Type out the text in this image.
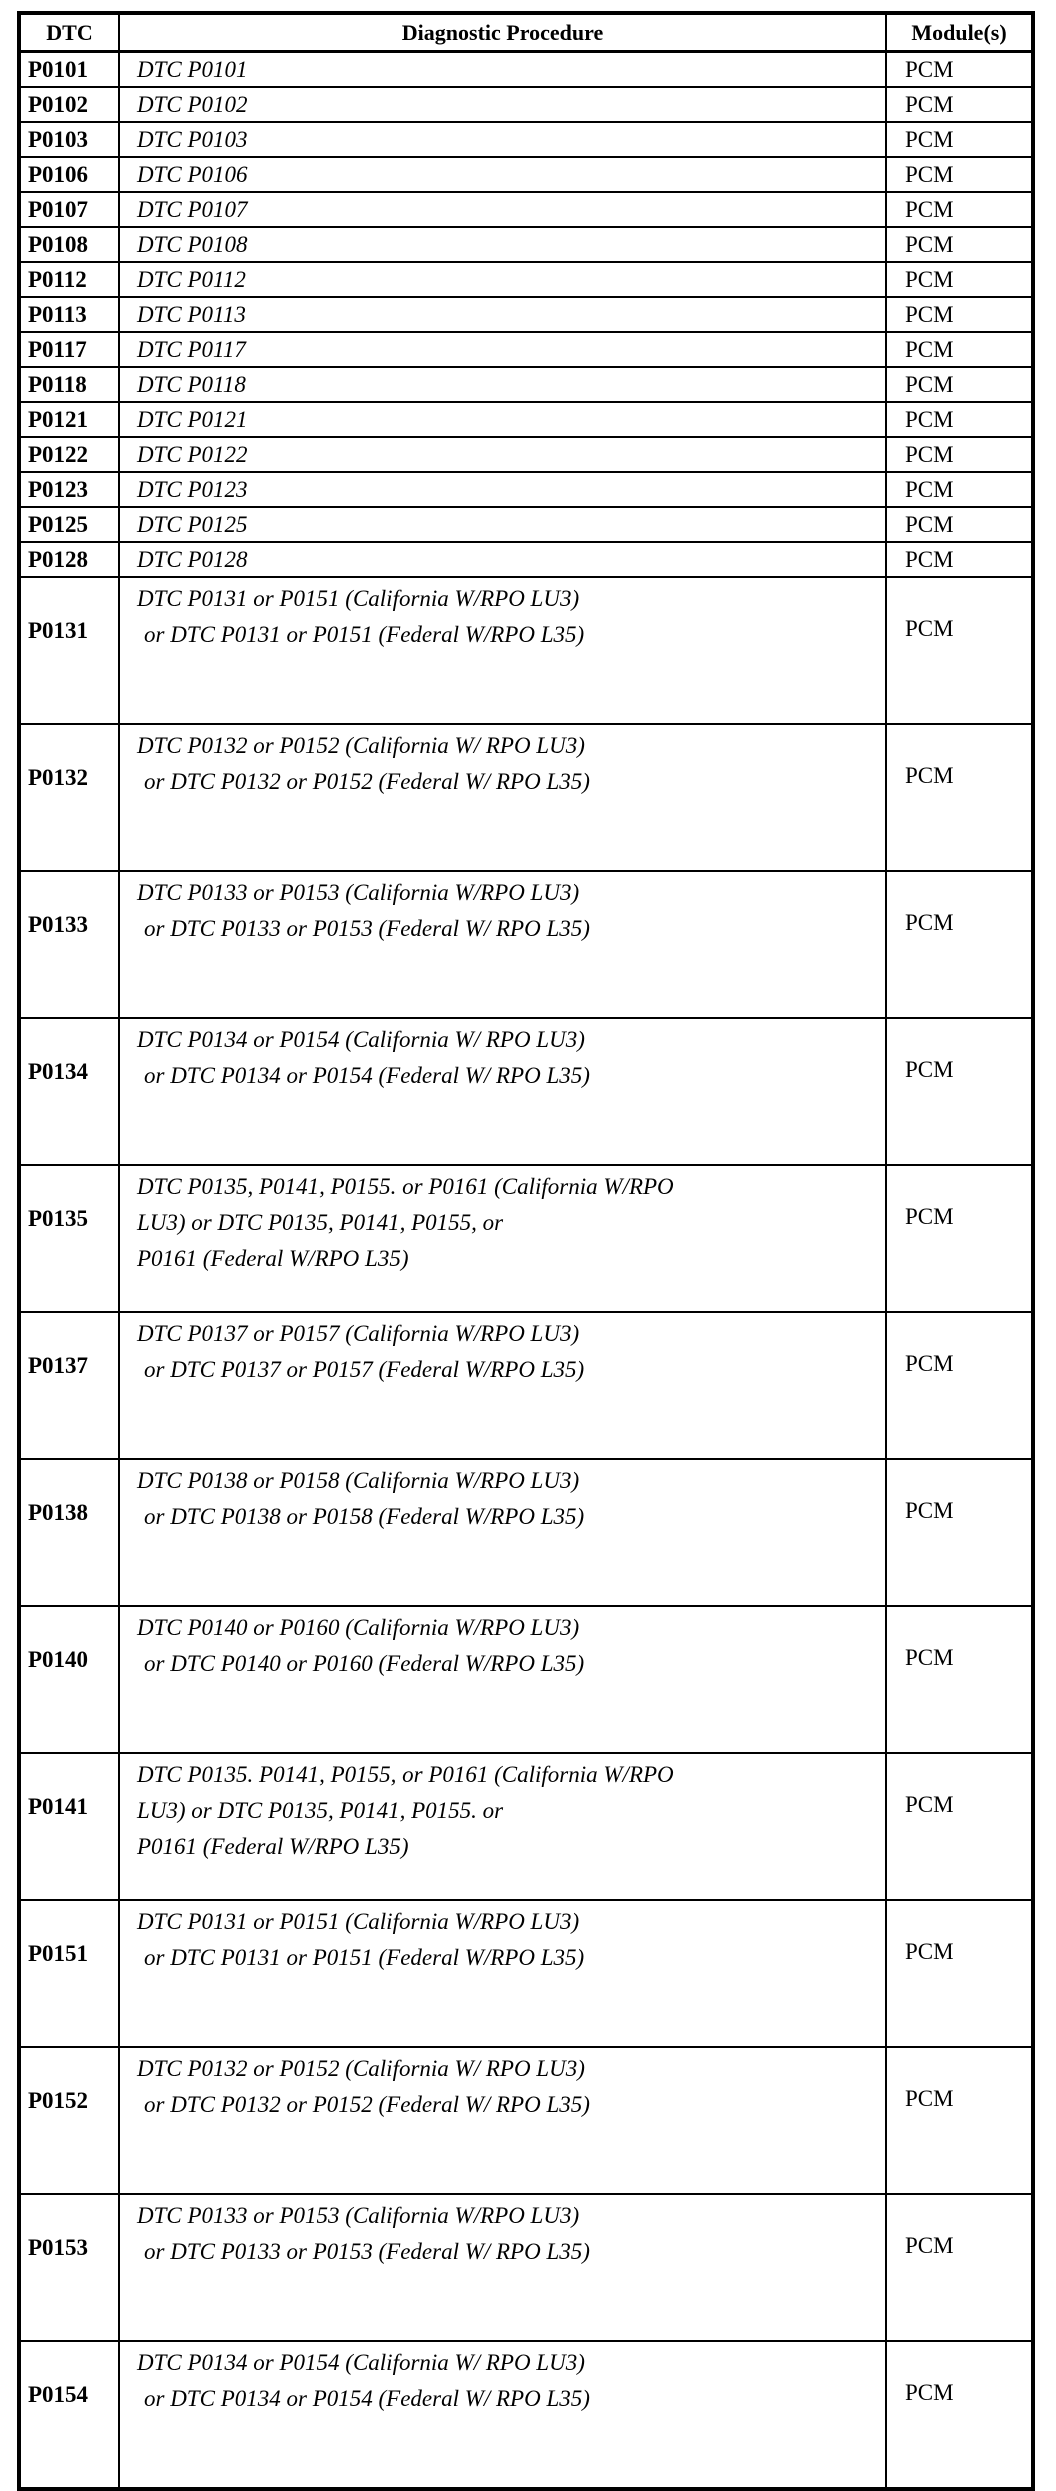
DTC	Diagnostic Procedure	Module(s)
P0101	DTC P0101	PCM
P0102	DTC P0102	PCM
P0103	DTC P0103	PCM
P0106	DTC P0106	PCM
P0107	DTC P0107	PCM
P0108	DTC P0108	PCM
P0112	DTC P0112	PCM
P0113	DTC P0113	PCM
P0117	DTC P0117	PCM
P0118	DTC P0118	PCM
P0121	DTC P0121	PCM
P0122	DTC P0122	PCM
P0123	DTC P0123	PCM
P0125	DTC P0125	PCM
P0128	DTC P0128	PCM
P0131	DTC P0131 or P0151 (California W/RPO LU3)
or DTC P0131 or P0151 (Federal W/RPO L35)	PCM
P0132	DTC P0132 or P0152 (California W/ RPO LU3)
or DTC P0132 or P0152 (Federal W/ RPO L35)	PCM
P0133	DTC P0133 or P0153 (California W/RPO LU3)
or DTC P0133 or P0153 (Federal W/ RPO L35)	PCM
P0134	DTC P0134 or P0154 (California W/ RPO LU3)
or DTC P0134 or P0154 (Federal W/ RPO L35)	PCM
P0135	DTC P0135, P0141, P0155. or P0161 (California W/RPO
LU3) or DTC P0135, P0141, P0155, or
P0161 (Federal W/RPO L35)	PCM
P0137	DTC P0137 or P0157 (California W/RPO LU3)
or DTC P0137 or P0157 (Federal W/RPO L35)	PCM
P0138	DTC P0138 or P0158 (California W/RPO LU3)
or DTC P0138 or P0158 (Federal W/RPO L35)	PCM
P0140	DTC P0140 or P0160 (California W/RPO LU3)
or DTC P0140 or P0160 (Federal W/RPO L35)	PCM
P0141	DTC P0135. P0141, P0155, or P0161 (California W/RPO
LU3) or DTC P0135, P0141, P0155. or
P0161 (Federal W/RPO L35)	PCM
P0151	DTC P0131 or P0151 (California W/RPO LU3)
or DTC P0131 or P0151 (Federal W/RPO L35)	PCM
P0152	DTC P0132 or P0152 (California W/ RPO LU3)
or DTC P0132 or P0152 (Federal W/ RPO L35)	PCM
P0153	DTC P0133 or P0153 (California W/RPO LU3)
or DTC P0133 or P0153 (Federal W/ RPO L35)	PCM
P0154	DTC P0134 or P0154 (California W/ RPO LU3)
or DTC P0134 or P0154 (Federal W/ RPO L35)	PCM
